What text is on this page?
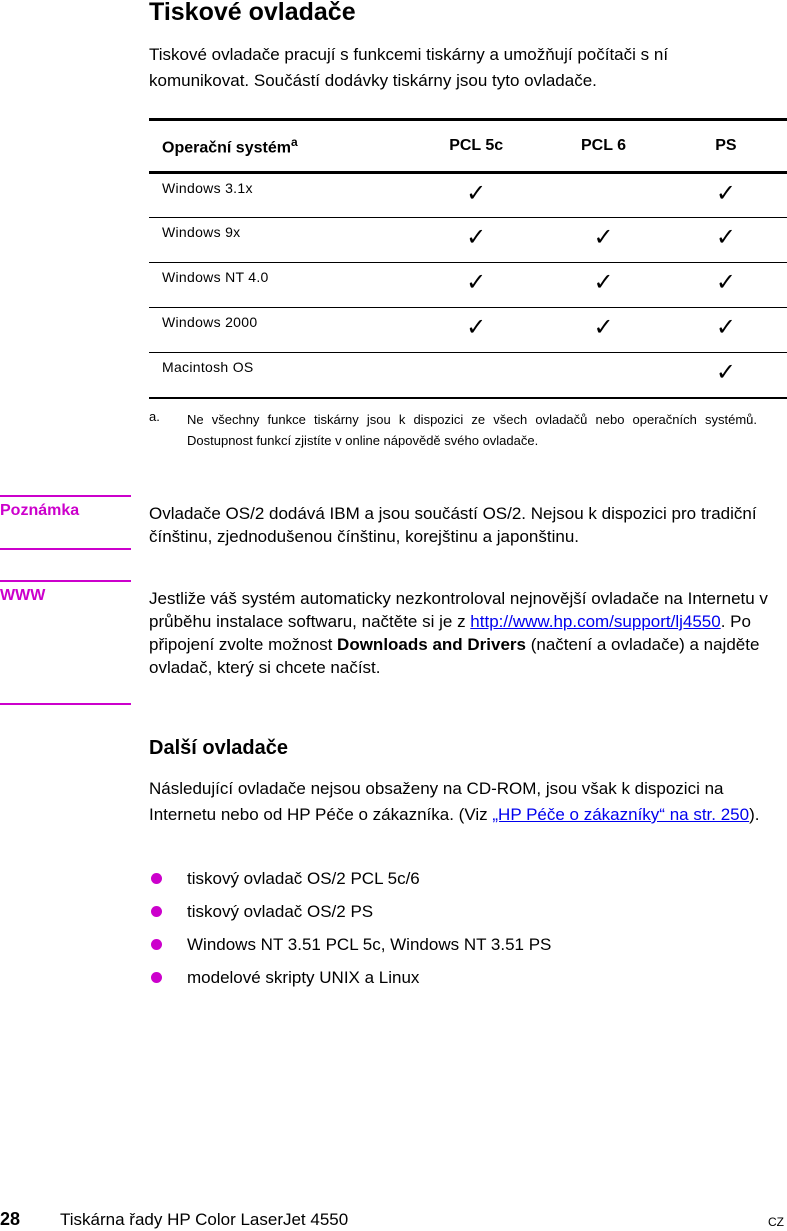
Tiskové ovladače

Tiskové ovladače pracují s funkcemi tiskárny a umožňují počítači s ní komunikovat. Součástí dodávky tiskárny jsou tyto ovladače.

Operační systém$^a$	PCL 5c	PCL 6	PS
Windows 3.1x	✓		✓
Windows 9x	✓	✓	✓
Windows NT 4.0	✓	✓	✓
Windows 2000	✓	✓	✓
Macintosh OS			✓
a. Ne všechny funkce tiskárny jsou k dispozici ze všech ovladačů nebo operačních systémů. Dostupnost funkcí zjistíte v online nápovědě svého ovladače.
Poznámka	Ovladače OS/2 dodává IBM a jsou součástí OS/2. Nejsou k dispozici pro tradiční čínštinu, zjednodušenou čínštinu, korejštinu a japonštinu.
WWW	Jestliže váš systém automaticky nezkontroloval nejnovější ovladače na Internetu v průběhu instalace softwaru, načtěte si je z http://www.hp.com/support/lj4550. Po připojení zvolte možnost Downloads and Drivers (načtení a ovladače) a najděte ovladač, který si chcete načíst.
Další ovladače

Následující ovladače nejsou obsaženy na CD-ROM, jsou však k dispozici na Internetu nebo od HP Péče o zákazníka. (Viz „HP Péče o zákazníky“ na str. 250).

tiskový ovladač OS/2 PCL 5c/6
tiskový ovladač OS/2 PS
Windows NT 3.51 PCL 5c, Windows NT 3.51 PS
modelové skripty UNIX a Linux
28 Tiskárna řady HP Color LaserJet 4550	CZ
